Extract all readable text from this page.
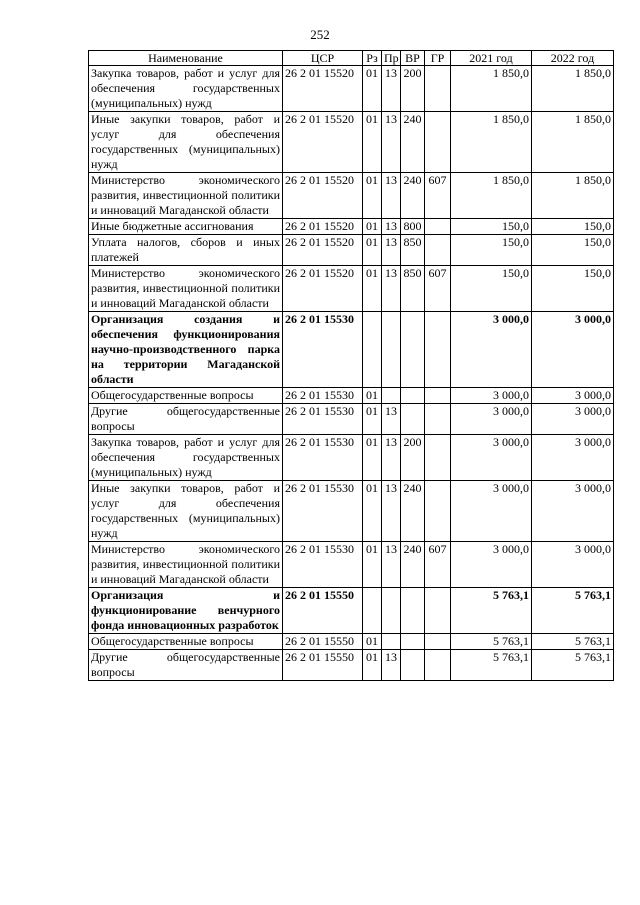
252
Наименование	ЦСР	Рз	Пр	ВР	ГР	2021 год	2022 год
Закупка товаров, работ и услуг для обеспечения государственных (муниципальных) нужд	26 2 01 15520	01	13	200		1 850,0	1 850,0
Иные закупки товаров, работ и услуг для обеспечения государственных (муниципальных) нужд	26 2 01 15520	01	13	240		1 850,0	1 850,0
Министерство экономического развития, инвестиционной политики и инноваций Магаданской области	26 2 01 15520	01	13	240	607	1 850,0	1 850,0
Иные бюджетные ассигнования	26 2 01 15520	01	13	800		150,0	150,0
Уплата налогов, сборов и иных платежей	26 2 01 15520	01	13	850		150,0	150,0
Министерство экономического развития, инвестиционной политики и инноваций Магаданской области	26 2 01 15520	01	13	850	607	150,0	150,0
Организация создания и обеспечения функционирования научно-производственного парка на территории Магаданской области	26 2 01 15530					3 000,0	3 000,0
Общегосударственные вопросы	26 2 01 15530	01				3 000,0	3 000,0
Другие общегосударственные вопросы	26 2 01 15530	01	13			3 000,0	3 000,0
Закупка товаров, работ и услуг для обеспечения государственных (муниципальных) нужд	26 2 01 15530	01	13	200		3 000,0	3 000,0
Иные закупки товаров, работ и услуг для обеспечения государственных (муниципальных) нужд	26 2 01 15530	01	13	240		3 000,0	3 000,0
Министерство экономического развития, инвестиционной политики и инноваций Магаданской области	26 2 01 15530	01	13	240	607	3 000,0	3 000,0
Организация и функционирование венчурного фонда инновационных разработок	26 2 01 15550					5 763,1	5 763,1
Общегосударственные вопросы	26 2 01 15550	01				5 763,1	5 763,1
Другие общегосударственные вопросы	26 2 01 15550	01	13			5 763,1	5 763,1
